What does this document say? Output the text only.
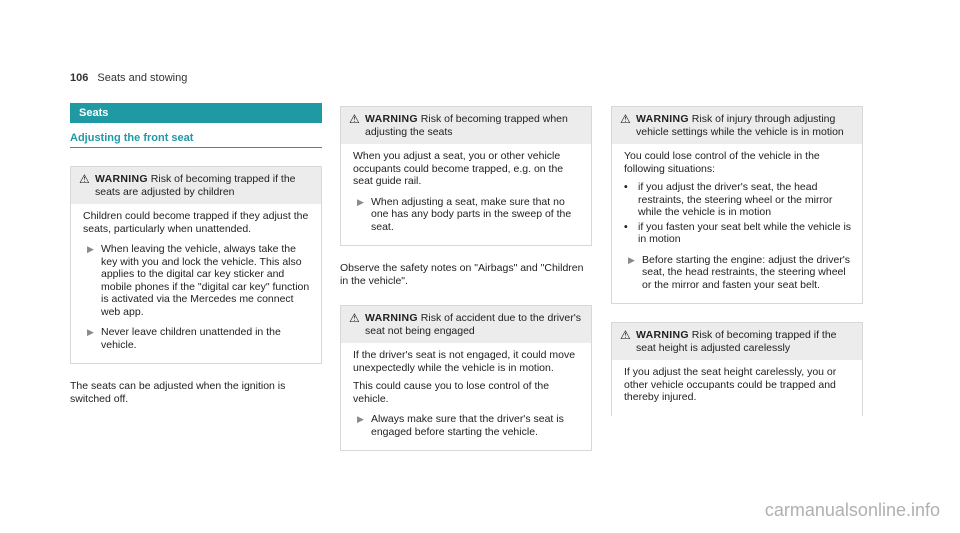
106 Seats and stowing
Seats
Adjusting the front seat
⚠ WARNING Risk of becoming trapped if the seats are adjusted by children

Children could become trapped if they adjust the seats, particularly when unattended.

▶ When leaving the vehicle, always take the key with you and lock the vehicle. This also applies to the digital car key sticker and mobile phones if the "digital car key" function is activated via the Mercedes me connect web app.
▶ Never leave children unattended in the vehicle.

The seats can be adjusted when the ignition is switched off.

⚠ WARNING Risk of becoming trapped when adjusting the seats

When you adjust a seat, you or other vehicle occupants could become trapped, e.g. on the seat guide rail.

▶ When adjusting a seat, make sure that no one has any body parts in the sweep of the seat.

Observe the safety notes on "Airbags" and "Children in the vehicle".

⚠ WARNING Risk of accident due to the driver's seat not being engaged

If the driver's seat is not engaged, it could move unexpectedly while the vehicle is in motion.

This could cause you to lose control of the vehicle.

▶ Always make sure that the driver's seat is engaged before starting the vehicle.
⚠ WARNING Risk of injury through adjusting vehicle settings while the vehicle is in motion

You could lose control of the vehicle in the following situations:

• if you adjust the driver's seat, the head restraints, the steering wheel or the mirror while the vehicle is in motion
• if you fasten your seat belt while the vehicle is in motion
▶ Before starting the engine: adjust the driver's seat, the head restraints, the steering wheel or the mirror and fasten your seat belt.
⚠ WARNING Risk of becoming trapped if the seat height is adjusted carelessly

If you adjust the seat height carelessly, you or other vehicle occupants could be trapped and thereby injured.

carmanualsonline.info
